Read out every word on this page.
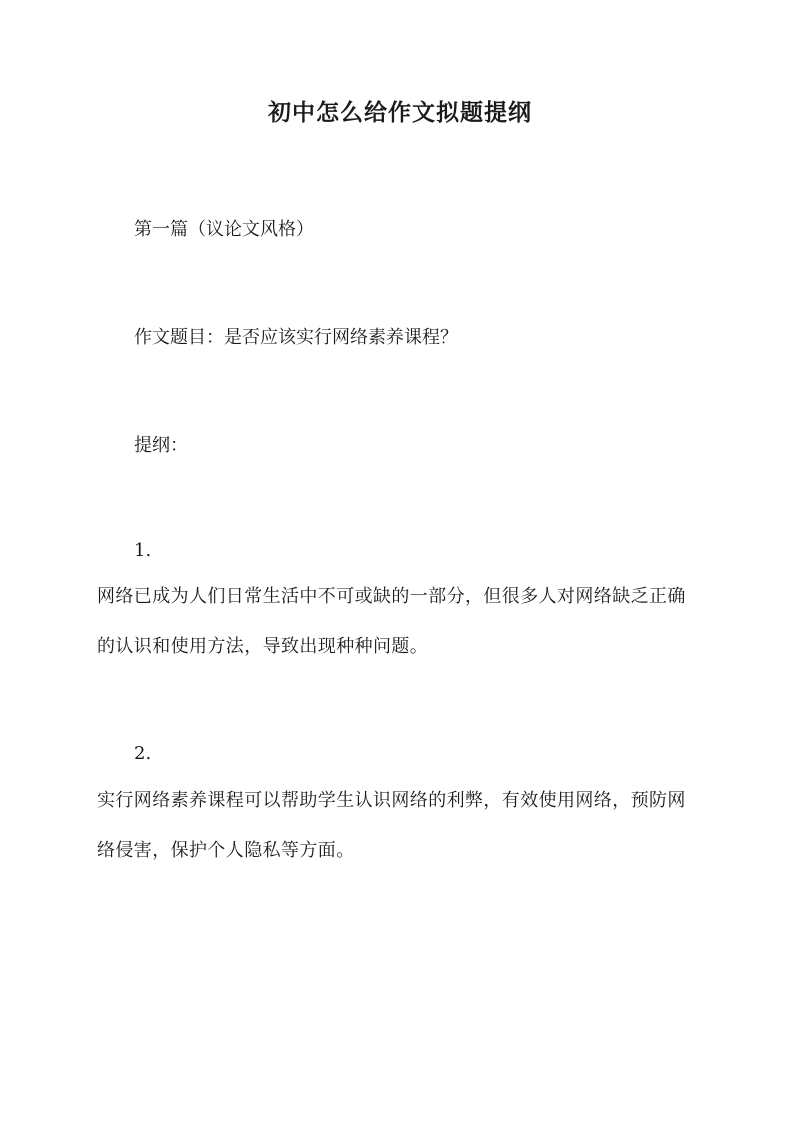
初中怎么给作文拟题提纲
第一篇（议论文风格）
作文题目：是否应该实行网络素养课程？
提纲：
1.
网络已成为人们日常生活中不可或缺的一部分，但很多人对网络缺乏正确
的认识和使用方法，导致出现种种问题。
2.
实行网络素养课程可以帮助学生认识网络的利弊，有效使用网络，预防网
络侵害，保护个人隐私等方面。
